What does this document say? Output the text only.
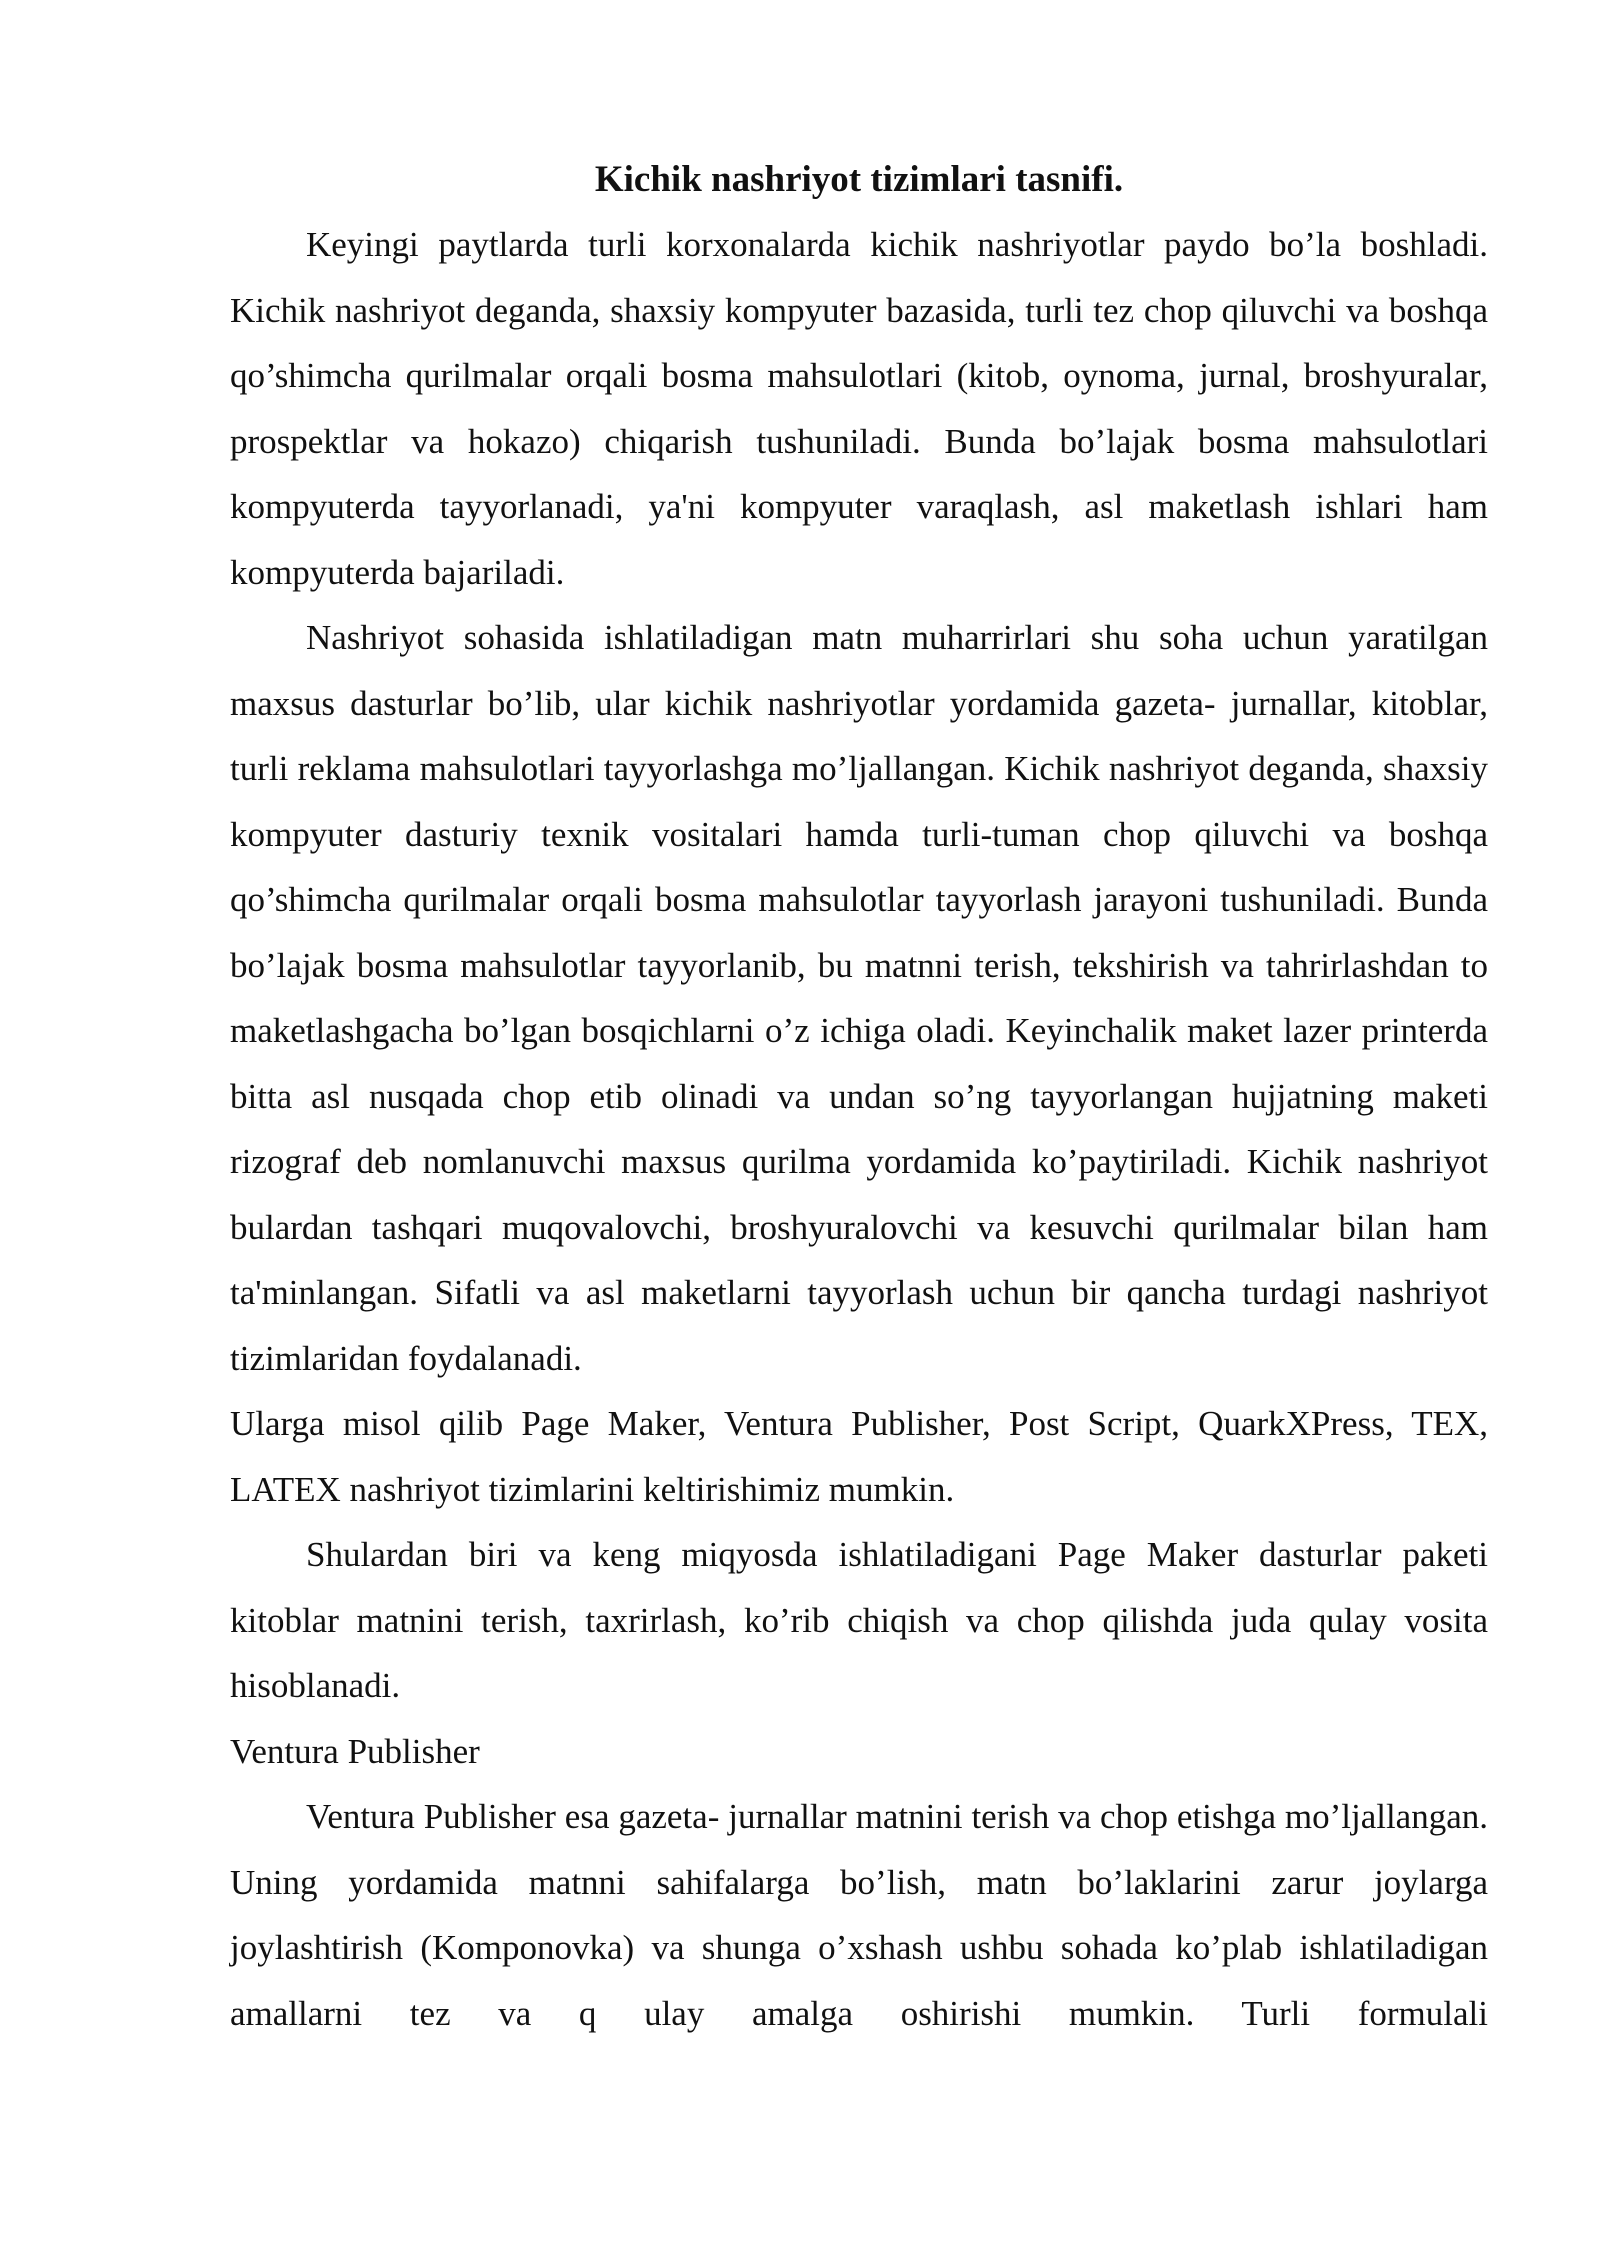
Kichik nashriyot tizimlari tasnifi.

Keyingi paytlarda turli korxonalarda kichik nashriyotlar paydo bo’la boshladi. Kichik nashriyot deganda, shaxsiy kompyuter bazasida, turli tez chop qiluvchi va boshqa qo’shimcha qurilmalar orqali bosma mahsulotlari (kitob, oynoma, jurnal, broshyuralar, prospektlar va hokazo) chiqarish tushuniladi. Bunda bo’lajak bosma mahsulotlari kompyuterda tayyorlanadi, ya'ni kompyuter varaqlash, asl maketlash ishlari ham kompyuterda bajariladi.

Nashriyot sohasida ishlatiladigan matn muharrirlari shu soha uchun yaratilgan maxsus dasturlar bo’lib, ular kichik nashriyotlar yordamida gazeta- jurnallar, kitoblar, turli reklama mahsulotlari tayyorlashga mo’ljallangan. Kichik nashriyot deganda, shaxsiy kompyuter dasturiy texnik vositalari hamda turli-tuman chop qiluvchi va boshqa qo’shimcha qurilmalar orqali bosma mahsulotlar tayyorlash jarayoni tushuniladi. Bunda bo’lajak bosma mahsulotlar tayyorlanib, bu matnni terish, tekshirish va tahrirlashdan to maketlashgacha bo’lgan bosqichlarni o’z ichiga oladi. Keyinchalik maket lazer printerda bitta asl nusqada chop etib olinadi va undan so’ng tayyorlangan hujjatning maketi rizograf deb nomlanuvchi maxsus qurilma yordamida ko’paytiriladi. Kichik nashriyot bulardan tashqari muqovalovchi, broshyuralovchi va kesuvchi qurilmalar bilan ham ta'minlangan. Sifatli va asl maketlarni tayyorlash uchun bir qancha turdagi nashriyot tizimlaridan foydalanadi.

Ularga misol qilib Page Maker, Ventura Publisher, Post Script, QuarkXPress, TEX, LATEX nashriyot tizimlarini keltirishimiz mumkin.

Shulardan biri va keng miqyosda ishlatiladigani Page Maker dasturlar paketi kitoblar matnini terish, taxrirlash, ko’rib chiqish va chop qilishda juda qulay vosita hisoblanadi.

Ventura Publisher

Ventura Publisher esa gazeta- jurnallar matnini terish va chop etishga mo’ljallangan. Uning yordamida matnni sahifalarga bo’lish, matn bo’laklarini zarur joylarga joylashtirish (Komponovka) va shunga o’xshash ushbu sohada ko’plab ishlatiladigan amallarni tez va q ulay amalga oshirishi mumkin. Turli formulali
